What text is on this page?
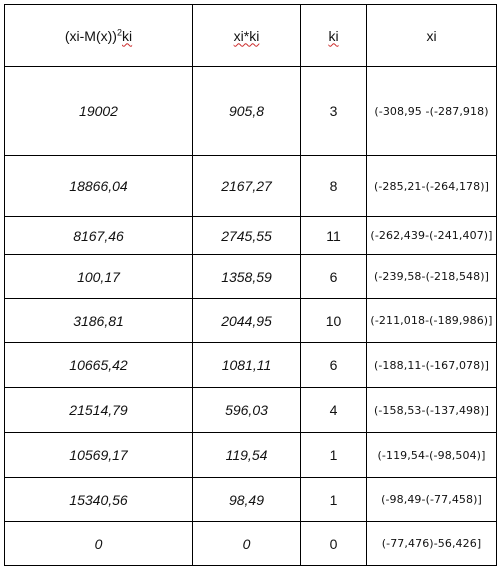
$(xi-M(x))^2ki$	xi*ki	ki	xi
19002	905,8	3	(-308,95 -(-287,918)
18866,04	2167,27	8	(-285,21-(-264,178)]
8167,46	2745,55	11	(-262,439-(-241,407)]
100,17	1358,59	6	(-239,58-(-218,548)]
3186,81	2044,95	10	(-211,018-(-189,986)]
10665,42	1081,11	6	(-188,11-(-167,078)]
21514,79	596,03	4	(-158,53-(-137,498)]
10569,17	119,54	1	(-119,54-(-98,504)]
15340,56	98,49	1	(-98,49-(-77,458)]
0	0	0	(-77,476)-56,426]
